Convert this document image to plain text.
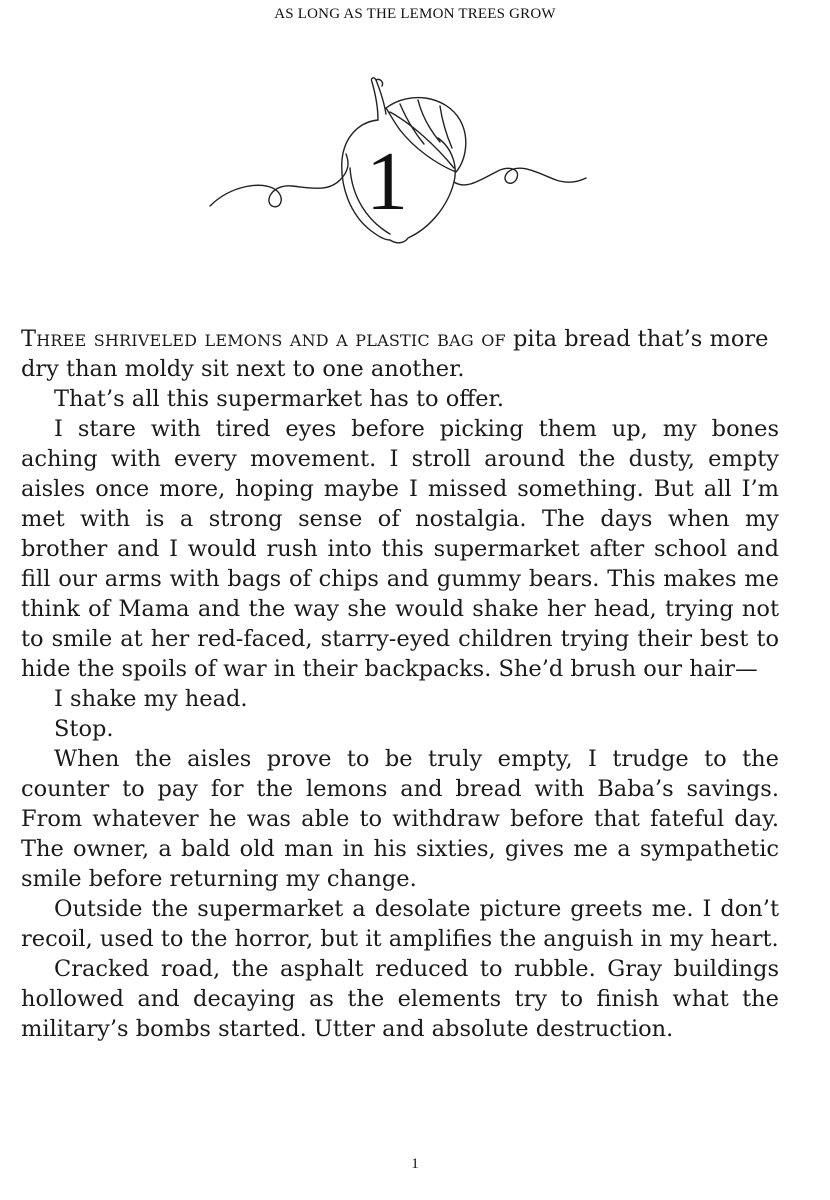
AS LONG AS THE LEMON TREES GROW
1

Three shriveled lemons and a plastic bag of pita bread that’s more dry than moldy sit next to one another.

That’s all this supermarket has to offer.

I stare with tired eyes before picking them up, my bones aching with every movement. I stroll around the dusty, empty aisles once more, hoping maybe I missed something. But all I’m met with is a strong sense of nostalgia. The days when my brother and I would rush into this supermarket after school and fill our arms with bags of chips and gummy bears. This makes me think of Mama and the way she would shake her head, trying not to smile at her red-faced, starry-eyed children trying their best to hide the spoils of war in their backpacks. She’d brush our hair—

I shake my head.

Stop.

When the aisles prove to be truly empty, I trudge to the counter to pay for the lemons and bread with Baba’s savings. From whatever he was able to withdraw before that fateful day. The owner, a bald old man in his sixties, gives me a sympathetic smile before returning my change.

Outside the supermarket a desolate picture greets me. I don’t recoil, used to the horror, but it amplifies the anguish in my heart.

Cracked road, the asphalt reduced to rubble. Gray buildings hollowed and decaying as the elements try to finish what the military’s bombs started. Utter and absolute destruction.

1
